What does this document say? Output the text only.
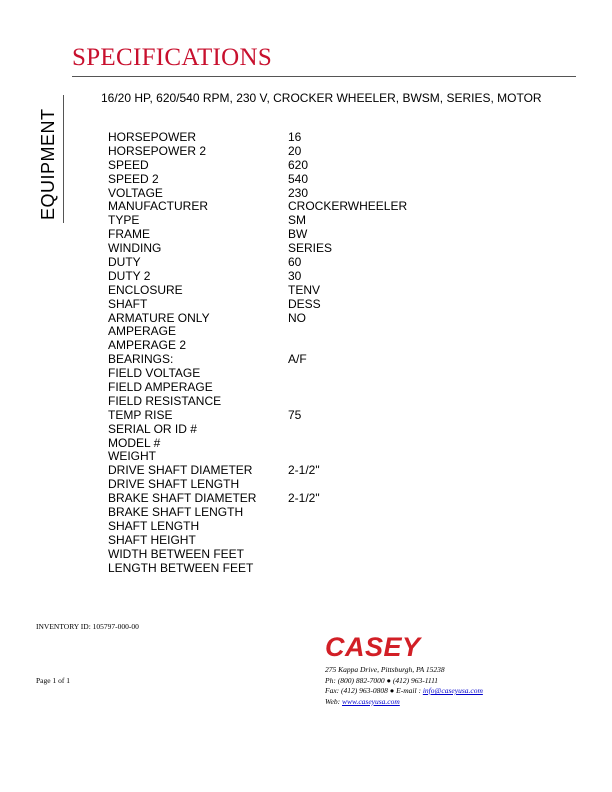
SPECIFICATIONS
16/20 HP, 620/540 RPM, 230 V, CROCKER WHEELER, BWSM, SERIES, MOTOR
EQUIPMENT	HORSEPOWER	16
HORSEPOWER 2	20
SPEED	620
SPEED 2	540
VOLTAGE	230
MANUFACTURER	CROCKERWHEELER
TYPE	SM
FRAME	BW
WINDING	SERIES
DUTY	60
DUTY 2	30
ENCLOSURE	TENV
SHAFT	DESS
ARMATURE ONLY	NO
AMPERAGE
AMPERAGE 2
BEARINGS:	A/F
FIELD VOLTAGE
FIELD AMPERAGE
FIELD RESISTANCE
TEMP RISE	75
SERIAL OR ID #
MODEL #
WEIGHT
DRIVE SHAFT DIAMETER	2-1/2"
DRIVE SHAFT LENGTH
BRAKE SHAFT DIAMETER	2-1/2"
BRAKE SHAFT LENGTH
SHAFT LENGTH
SHAFT HEIGHT
WIDTH BETWEEN FEET
LENGTH BETWEEN FEET
INVENTORY ID: 105797-000-00
Page 1 of 1
CASEY
275 Kappa Drive, Pittsburgh, PA 15238
Ph: (800) 882-7000 ● (412) 963-1111
Fax: (412) 963-0808 ● E-mail : info@caseyusa.com
Web: www.caseyusa.com
